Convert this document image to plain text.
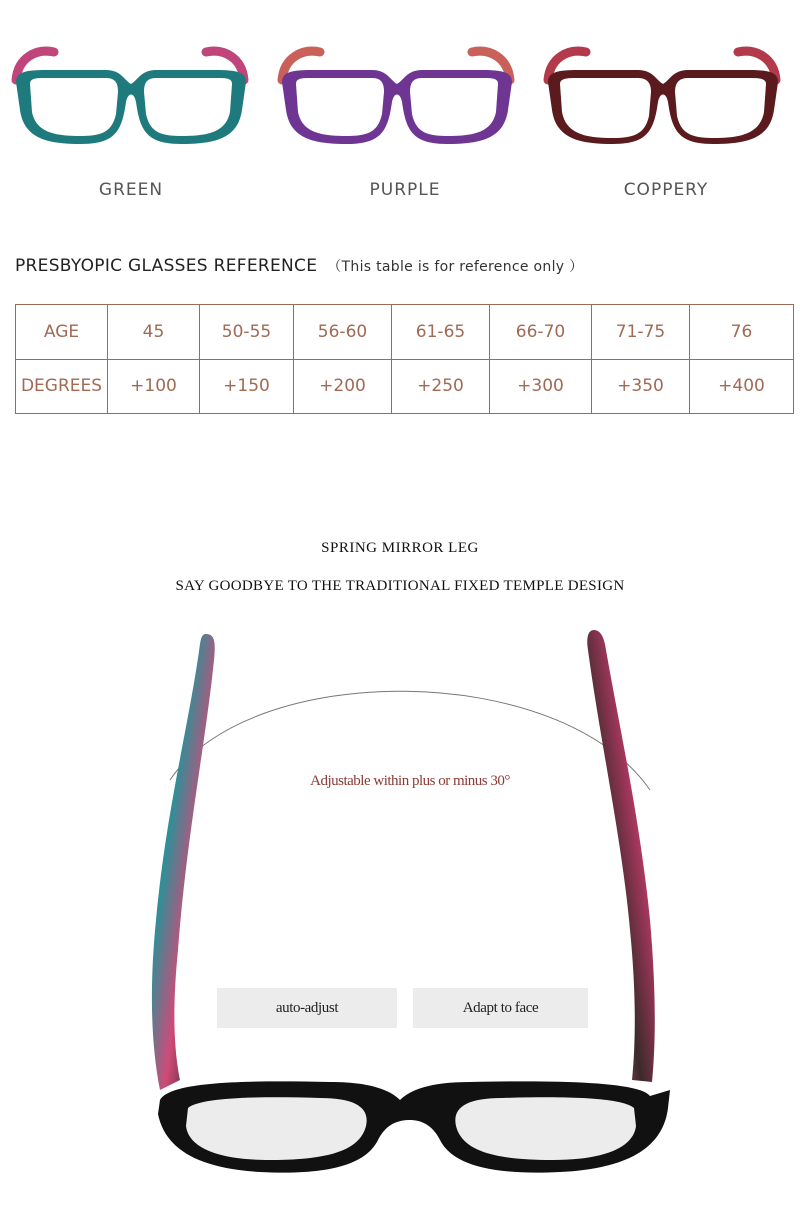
GREEN	PURPLE	COPPERY
PRESBYOPIC GLASSES REFERENCE （This table is for reference only ）
AGE	45	50-55	56-60	61-65	66-70	71-75	76
DEGREES	+100	+150	+200	+250	+300	+350	+400
SPRING MIRROR LEG
SAY GOODBYE TO THE TRADITIONAL FIXED TEMPLE DESIGN
Adjustable within plus or minus 30°
auto-adjust	Adapt to face
